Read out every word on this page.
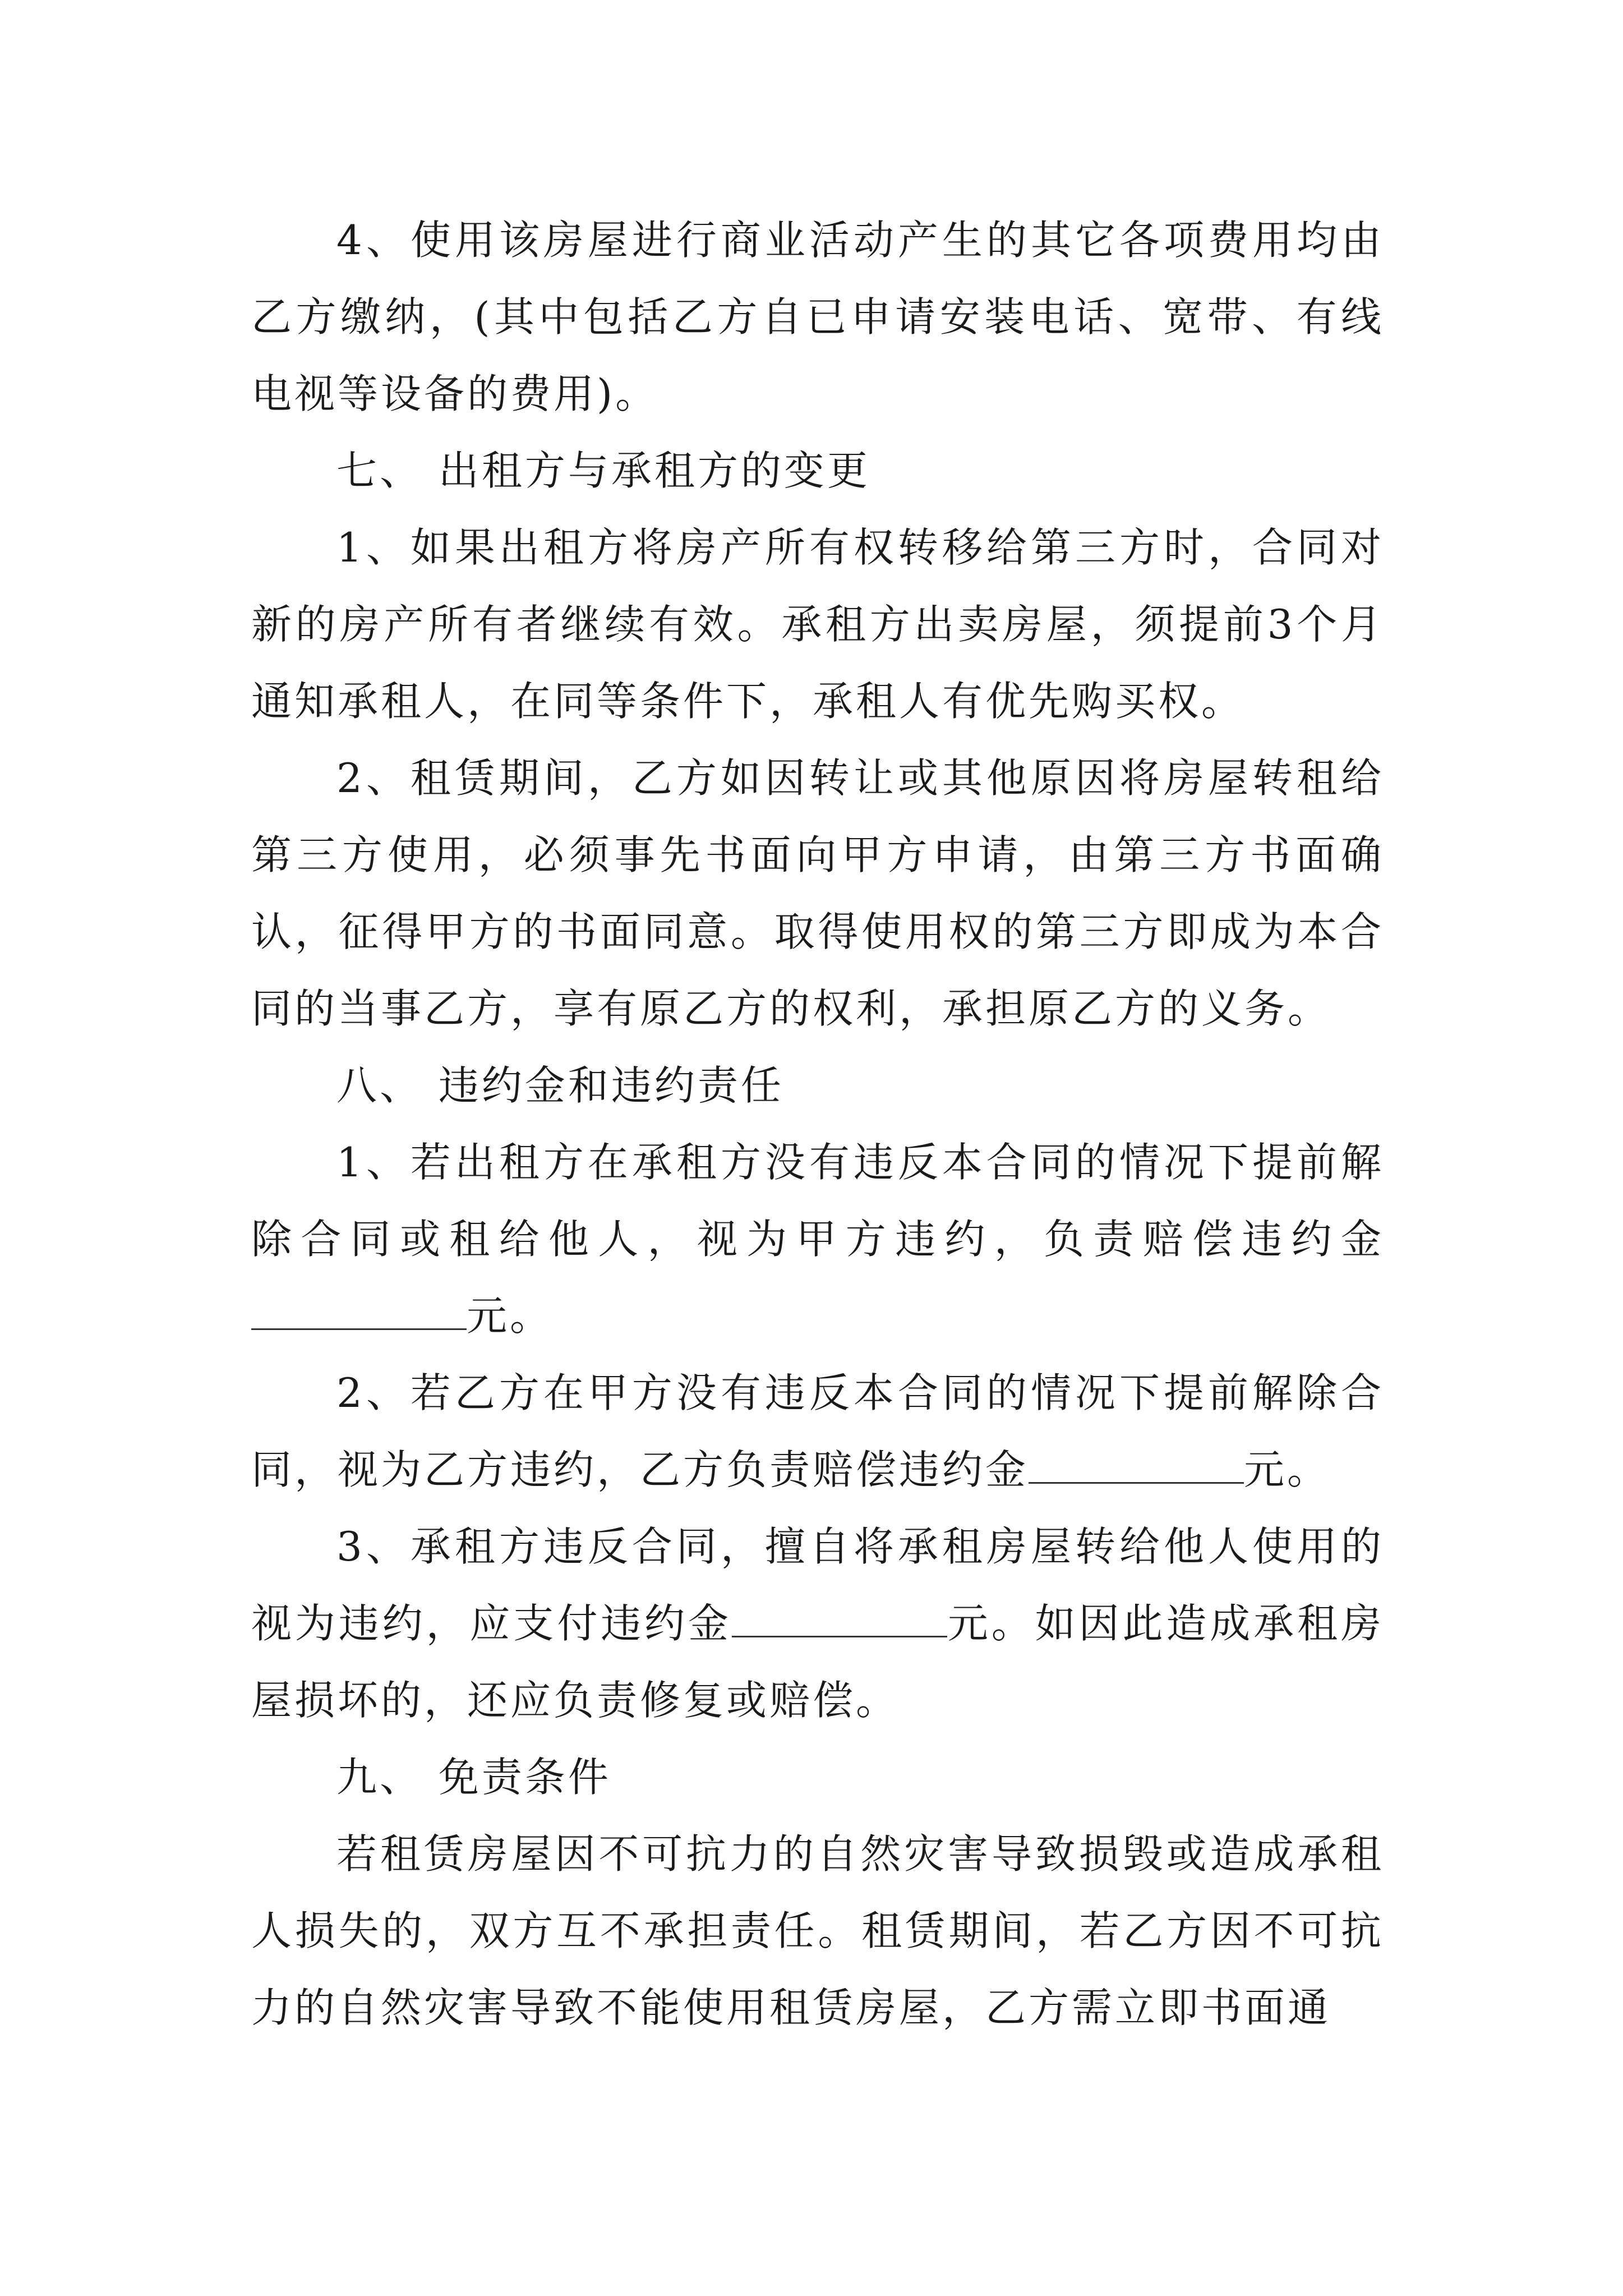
4、使用该房屋进行商业活动产生的其它各项费用均由乙方缴纳，(其中包括乙方自已申请安装电话、宽带、有线电视等设备的费用)。

七、 出租方与承租方的变更

1、如果出租方将房产所有权转移给第三方时，合同对新的房产所有者继续有效。承租方出卖房屋，须提前3个月通知承租人，在同等条件下，承租人有优先购买权。

2、租赁期间，乙方如因转让或其他原因将房屋转租给第三方使用，必须事先书面向甲方申请，由第三方书面确认，征得甲方的书面同意。取得使用权的第三方即成为本合同的当事乙方，享有原乙方的权利，承担原乙方的义务。

八、 违约金和违约责任

1、若出租方在承租方没有违反本合同的情况下提前解除合同或租给他人，视为甲方违约，负责赔偿违约金元。

2、若乙方在甲方没有违反本合同的情况下提前解除合同，视为乙方违约，乙方负责赔偿违约金	元。

3、承租方违反合同，擅自将承租房屋转给他人使用的视为违约，应支付违约金	元。如因此造成承租房屋损坏的，还应负责修复或赔偿。

九、 免责条件

若租赁房屋因不可抗力的自然灾害导致损毁或造成承租人损失的，双方互不承担责任。租赁期间，若乙方因不可抗力的自然灾害导致不能使用租赁房屋，乙方需立即书面通
